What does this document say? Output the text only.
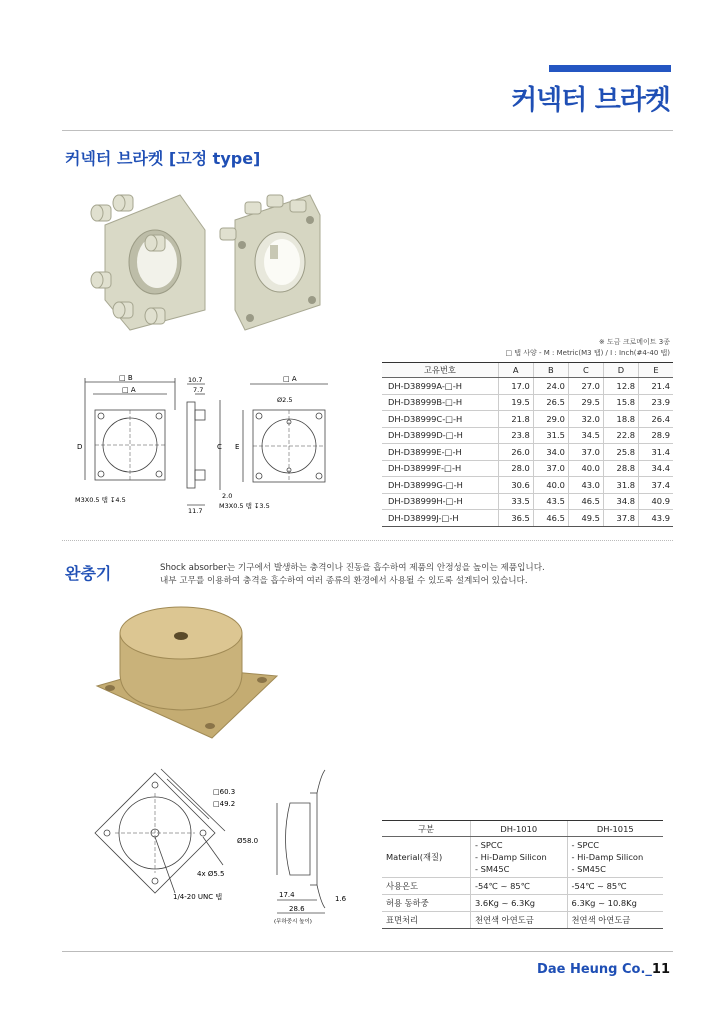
커넥터 브라켓
커넥터 브라켓 [고정 type]
※ 도금 크로메이트 3종
□ 탭 사양 - M : Metric(M3 탭) / I : Inch(#4-40 탭)
□ B
□ A
D
M3X0.5 탭 ↧4.5
10.7
7.7
2.0
11.7
C E
□ A
Ø2.5
M3X0.5 탭 ↧3.5
고유번호	A	B	C	D	E
DH-D38999A-□-H	17.0	24.0	27.0	12.8	21.4
DH-D38999B-□-H	19.5	26.5	29.5	15.8	23.9
DH-D38999C-□-H	21.8	29.0	32.0	18.8	26.4
DH-D38999D-□-H	23.8	31.5	34.5	22.8	28.9
DH-D38999E-□-H	26.0	34.0	37.0	25.8	31.4
DH-D38999F-□-H	28.0	37.0	40.0	28.8	34.4
DH-D38999G-□-H	30.6	40.0	43.0	31.8	37.4
DH-D38999H-□-H	33.5	43.5	46.5	34.8	40.9
DH-D38999J-□-H	36.5	46.5	49.5	37.8	43.9
완충기	Shock absorber는 기구에서 발생하는 충격이나 진동을 흡수하여 제품의 안정성을 높이는 제품입니다.
내부 고무를 이용하여 충격을 흡수하여 여러 종류의 환경에서 사용될 수 있도록 설계되어 있습니다.
□60.3
□49.2
4x Ø5.5
1/4-20 UNC 탭
Ø58.0
17.4	1.6
28.6
(무하중시 높이)
구분	DH-1010	DH-1015
Material(재질)	- SPCC
- Hi-Damp Silicon
- SM45C	- SPCC
- Hi-Damp Silicon
- SM45C

사용온도	-54℃ ~ 85℃	-54℃ ~ 85℃
허용 동하중	3.6Kg ~ 6.3Kg	6.3Kg ~ 10.8Kg
표면처리	천연색 아연도금	천연색 아연도금
Dae Heung Co._11
